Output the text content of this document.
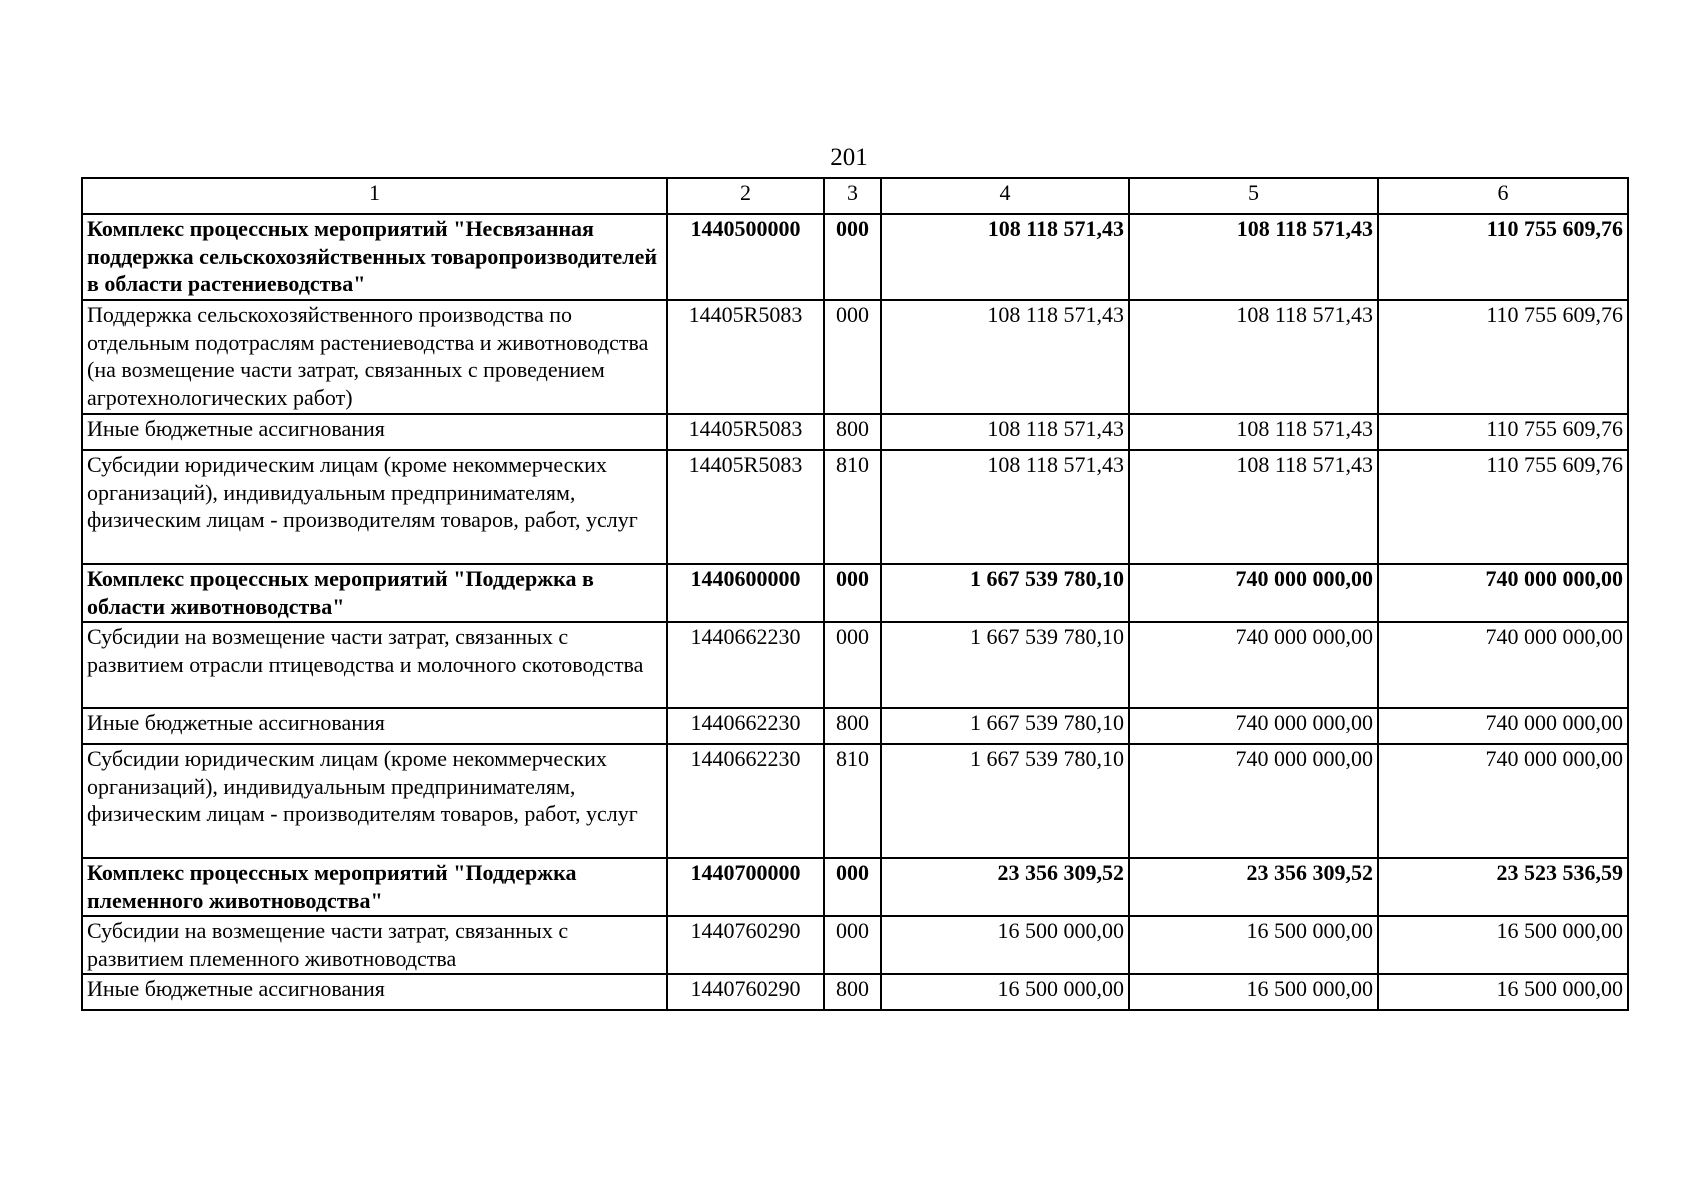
201
1	2	3	4	5	6
Комплекс процессных мероприятий "Несвязанная поддержка сельскохозяйственных товаропроизводителей в области растениеводства"	1440500000	000	108 118 571,43	108 118 571,43	110 755 609,76
Поддержка сельскохозяйственного производства по отдельным подотраслям растениеводства и животноводства (на возмещение части затрат, связанных с проведением агротехнологических работ)	14405R5083	000	108 118 571,43	108 118 571,43	110 755 609,76
Иные бюджетные ассигнования	14405R5083	800	108 118 571,43	108 118 571,43	110 755 609,76
Субсидии юридическим лицам (кроме некоммерческих организаций), индивидуальным предпринимателям, физическим лицам - производителям товаров, работ, услуг	14405R5083	810	108 118 571,43	108 118 571,43	110 755 609,76
Комплекс процессных мероприятий "Поддержка в области животноводства"	1440600000	000	1 667 539 780,10	740 000 000,00	740 000 000,00
Субсидии на возмещение части затрат, связанных с развитием отрасли птицеводства и молочного скотоводства	1440662230	000	1 667 539 780,10	740 000 000,00	740 000 000,00
Иные бюджетные ассигнования	1440662230	800	1 667 539 780,10	740 000 000,00	740 000 000,00
Субсидии юридическим лицам (кроме некоммерческих организаций), индивидуальным предпринимателям, физическим лицам - производителям товаров, работ, услуг	1440662230	810	1 667 539 780,10	740 000 000,00	740 000 000,00
Комплекс процессных мероприятий "Поддержка племенного животноводства"	1440700000	000	23 356 309,52	23 356 309,52	23 523 536,59
Субсидии на возмещение части затрат, связанных с развитием племенного животноводства	1440760290	000	16 500 000,00	16 500 000,00	16 500 000,00
Иные бюджетные ассигнования	1440760290	800	16 500 000,00	16 500 000,00	16 500 000,00
